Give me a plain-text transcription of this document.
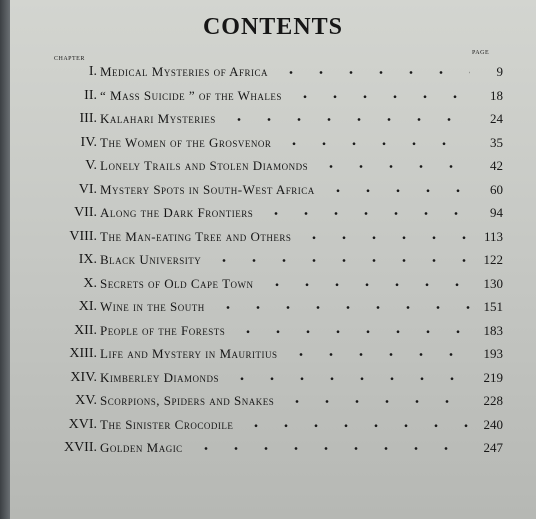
CONTENTS
PAGE
CHAPTER
I. Medical Mysteries of Africa	9
II. “ Mass Suicide ” of the Whales	18
III. Kalahari Mysteries	24
IV. The Women of the Grosvenor	35
V. Lonely Trails and Stolen Diamonds	42
VI. Mystery Spots in South-West Africa	60
VII. Along the Dark Frontiers	94
VIII. The Man-eating Tree and Others	113
IX. Black University	122
X. Secrets of Old Cape Town	130
XI. Wine in the South	151
XII. People of the Forests	183
XIII. Life and Mystery in Mauritius	193
XIV. Kimberley Diamonds	219
XV. Scorpions, Spiders and Snakes	228
XVI. The Sinister Crocodile	240
XVII. Golden Magic	247
